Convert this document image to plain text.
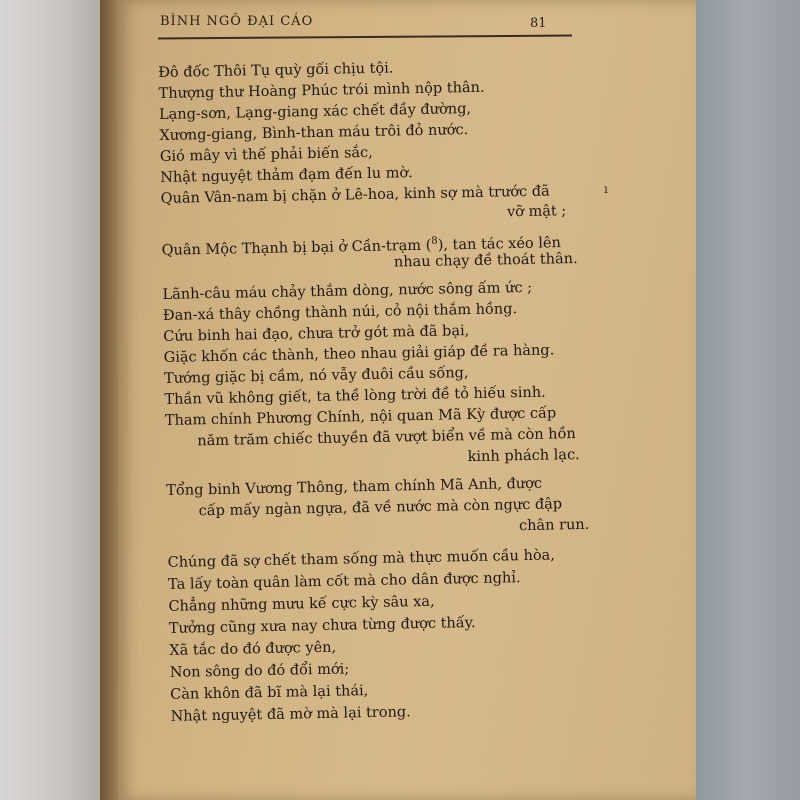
BÌNH NGÔ ĐẠI CÁO	81
Đô đốc Thôi Tụ quỳ gối chịu tội.
Thượng thư Hoàng Phúc trói mình nộp thân.
Lạng-sơn, Lạng-giang xác chết đầy đường,
Xương-giang, Bình-than máu trôi đỏ nước.
Gió mây vì thế phải biến sắc,
Nhật nguyệt thảm đạm đến lu mờ.
Quân Vân-nam bị chặn ở Lê-hoa, kinh sợ mà trước đã
vỡ mật ;
Quân Mộc Thạnh bị bại ở Cần-trạm ($^8$), tan tác xéo lên
nhau chạy đề thoát thân.
Lãnh-câu máu chảy thắm dòng, nước sông ấm ức ;
Đan-xá thây chồng thành núi, cỏ nội thắm hồng.
Cứu binh hai đạo, chưa trở gót mà đã bại,
Giặc khốn các thành, theo nhau giải giáp đề ra hàng.
Tướng giặc bị cầm, nó vẫy đuôi cầu sống,
Thần vũ không giết, ta thề lòng trời đề tỏ hiếu sinh.
Tham chính Phương Chính, nội quan Mã Kỳ được cấp
năm trăm chiếc thuyền đã vượt biển về mà còn hồn
kinh phách lạc.
Tổng binh Vương Thông, tham chính Mã Anh, được
cấp mấy ngàn ngựa, đã về nước mà còn ngực đập
chân run.
Chúng đã sợ chết tham sống mà thực muốn cầu hòa,
Ta lấy toàn quân làm cốt mà cho dân được nghỉ.
Chẳng những mưu kế cực kỳ sâu xa,
Tưởng cũng xưa nay chưa từng được thấy.
Xã tắc do đó được yên,
Non sông do đó đổi mới;
Càn khôn đã bĩ mà lại thái,
Nhật nguyệt đã mờ mà lại trong.
ı
